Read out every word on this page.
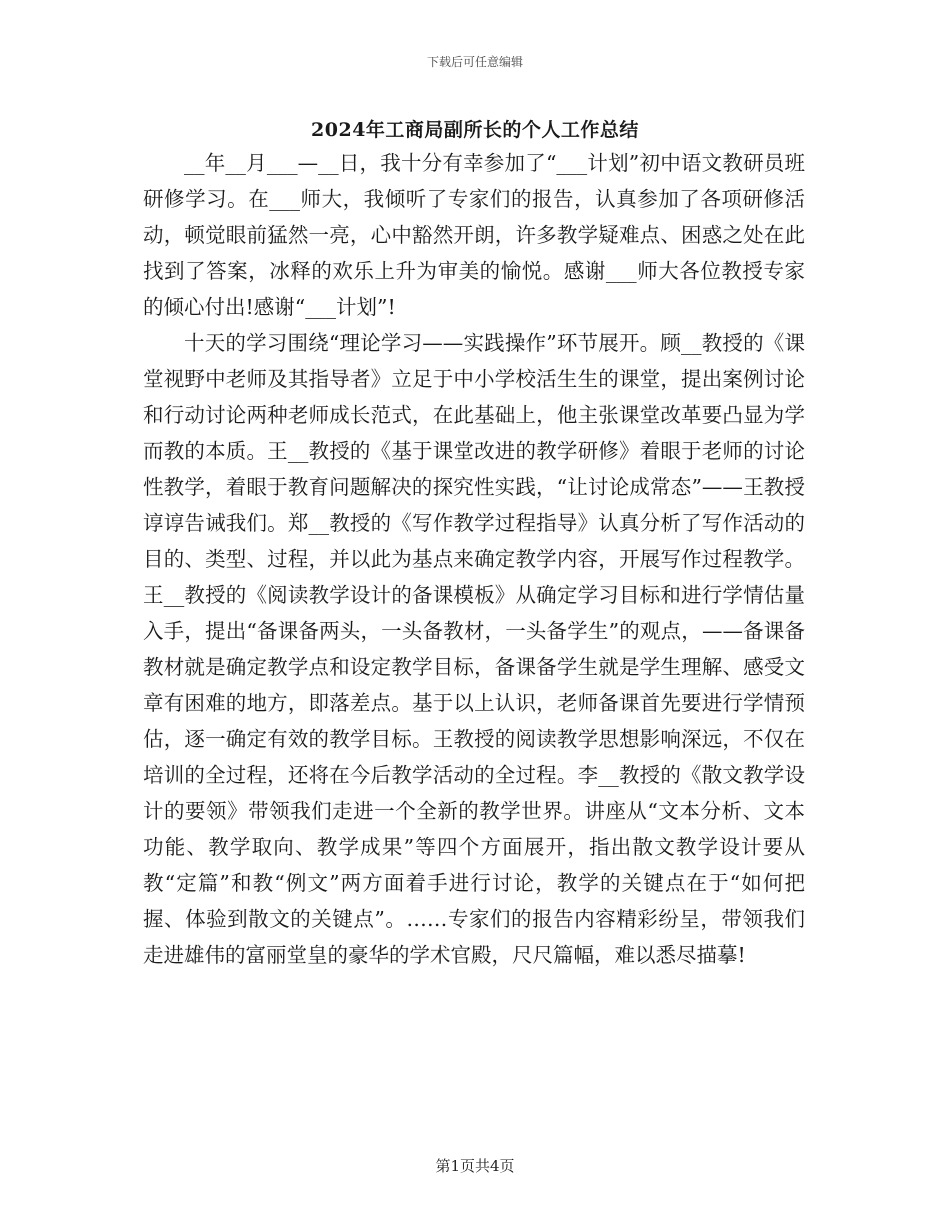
下载后可任意编辑
2024年工商局副所长的个人工作总结

__年__月___—__日，我十分有幸参加了“___计划”初中语文教研员班研修学习。在___师大，我倾听了专家们的报告，认真参加了各项研修活动，顿觉眼前猛然一亮，心中豁然开朗，许多教学疑难点、困惑之处在此找到了答案，冰释的欢乐上升为审美的愉悦。感谢___师大各位教授专家的倾心付出!感谢“___计划”!

十天的学习围绕“理论学习——实践操作”环节展开。顾__教授的《课堂视野中老师及其指导者》立足于中小学校活生生的课堂，提出案例讨论和行动讨论两种老师成长范式，在此基础上，他主张课堂改革要凸显为学而教的本质。王__教授的《基于课堂改进的教学研修》着眼于老师的讨论性教学，着眼于教育问题解决的探究性实践，“让讨论成常态”——王教授谆谆告诫我们。郑__教授的《写作教学过程指导》认真分析了写作活动的目的、类型、过程，并以此为基点来确定教学内容，开展写作过程教学。王__教授的《阅读教学设计的备课模板》从确定学习目标和进行学情估量入手，提出“备课备两头，一头备教材，一头备学生”的观点，——备课备教材就是确定教学点和设定教学目标，备课备学生就是学生理解、感受文章有困难的地方，即落差点。基于以上认识，老师备课首先要进行学情预估，逐一确定有效的教学目标。王教授的阅读教学思想影响深远，不仅在培训的全过程，还将在今后教学活动的全过程。李__教授的《散文教学设计的要领》带领我们走进一个全新的教学世界。讲座从“文本分析、文本功能、教学取向、教学成果”等四个方面展开，指出散文教学设计要从教“定篇”和教“例文”两方面着手进行讨论，教学的关键点在于“如何把握、体验到散文的关键点”。……专家们的报告内容精彩纷呈，带领我们走进雄伟的富丽堂皇的豪华的学术官殿，尺尺篇幅，难以悉尽描摹!

第1页共4页
